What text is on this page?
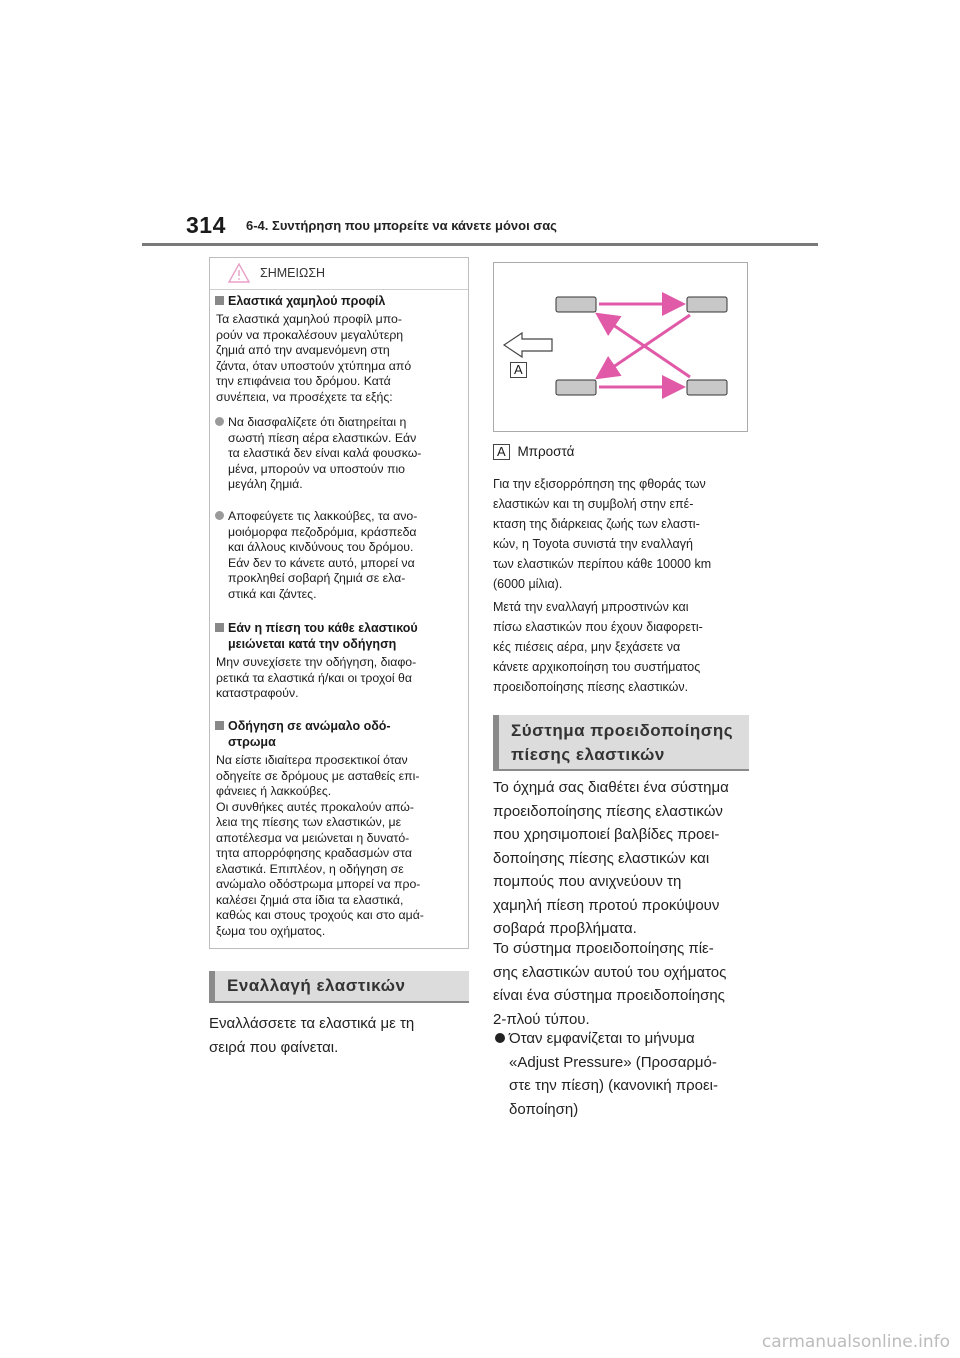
314 6-4. Συντήρηση που μπορείτε να κάνετε μόνοι σας
ΣΗΜΕΙΩΣΗ
Ελαστικά χαμηλού προφίλ
Τα ελαστικά χαμηλού προφίλ μπο-
ρούν να προκαλέσουν μεγαλύτερη
ζημιά από την αναμενόμενη στη
ζάντα, όταν υποστούν χτύπημα από
την επιφάνεια του δρόμου. Κατά
συνέπεια, να προσέχετε τα εξής:
Να διασφαλίζετε ότι διατηρείται η
σωστή πίεση αέρα ελαστικών. Εάν
τα ελαστικά δεν είναι καλά φουσκω-
μένα, μπορούν να υποστούν πιο
μεγάλη ζημιά.
Αποφεύγετε τις λακκούβες, τα ανο-
μοιόμορφα πεζοδρόμια, κράσπεδα
και άλλους κινδύνους του δρόμου.
Εάν δεν το κάνετε αυτό, μπορεί να
προκληθεί σοβαρή ζημιά σε ελα-
στικά και ζάντες.
Εάν η πίεση του κάθε ελαστικού μειώνεται κατά την οδήγηση
Μην συνεχίσετε την οδήγηση, διαφο-
ρετικά τα ελαστικά ή/και οι τροχοί θα
καταστραφούν.
Οδήγηση σε ανώμαλο οδό-στρωμα
Να είστε ιδιαίτερα προσεκτικοί όταν
οδηγείτε σε δρόμους με ασταθείς επι-
φάνειες ή λακκούβες.
Οι συνθήκες αυτές προκαλούν απώ-
λεια της πίεσης των ελαστικών, με
αποτέλεσμα να μειώνεται η δυνατό-
τητα απορρόφησης κραδασμών στα
ελαστικά. Επιπλέον, η οδήγηση σε
ανώμαλο οδόστρωμα μπορεί να προ-
καλέσει ζημιά στα ίδια τα ελαστικά,
καθώς και στους τροχούς και στο αμά-
ξωμα του οχήματος.
Εναλλαγή ελαστικών
Εναλλάσσετε τα ελαστικά με τη
σειρά που φαίνεται.
A
A Μπροστά
Για την εξισορρόπηση της φθοράς των
ελαστικών και τη συμβολή στην επέ-
κταση της διάρκειας ζωής των ελαστι-
κών, η Toyota συνιστά την εναλλαγή
των ελαστικών περίπου κάθε 10000 km
(6000 μίλια).
Μετά την εναλλαγή μπροστινών και
πίσω ελαστικών που έχουν διαφορετι-
κές πιέσεις αέρα, μην ξεχάσετε να
κάνετε αρχικοποίηση του συστήματος
προειδοποίησης πίεσης ελαστικών.
Σύστημα προειδοποίησης
πίεσης ελαστικών
Το όχημά σας διαθέτει ένα σύστημα
προειδοποίησης πίεσης ελαστικών
που χρησιμοποιεί βαλβίδες προει-
δοποίησης πίεσης ελαστικών και
πομπούς που ανιχνεύουν τη
χαμηλή πίεση προτού προκύψουν
σοβαρά προβλήματα.
Το σύστημα προειδοποίησης πίε-
σης ελαστικών αυτού του οχήματος
είναι ένα σύστημα προειδοποίησης
2-πλού τύπου.
Όταν εμφανίζεται το μήνυμα
«Adjust Pressure» (Προσαρμό-
στε την πίεση) (κανονική προει-
δοποίηση)
carmanualsonline.info
